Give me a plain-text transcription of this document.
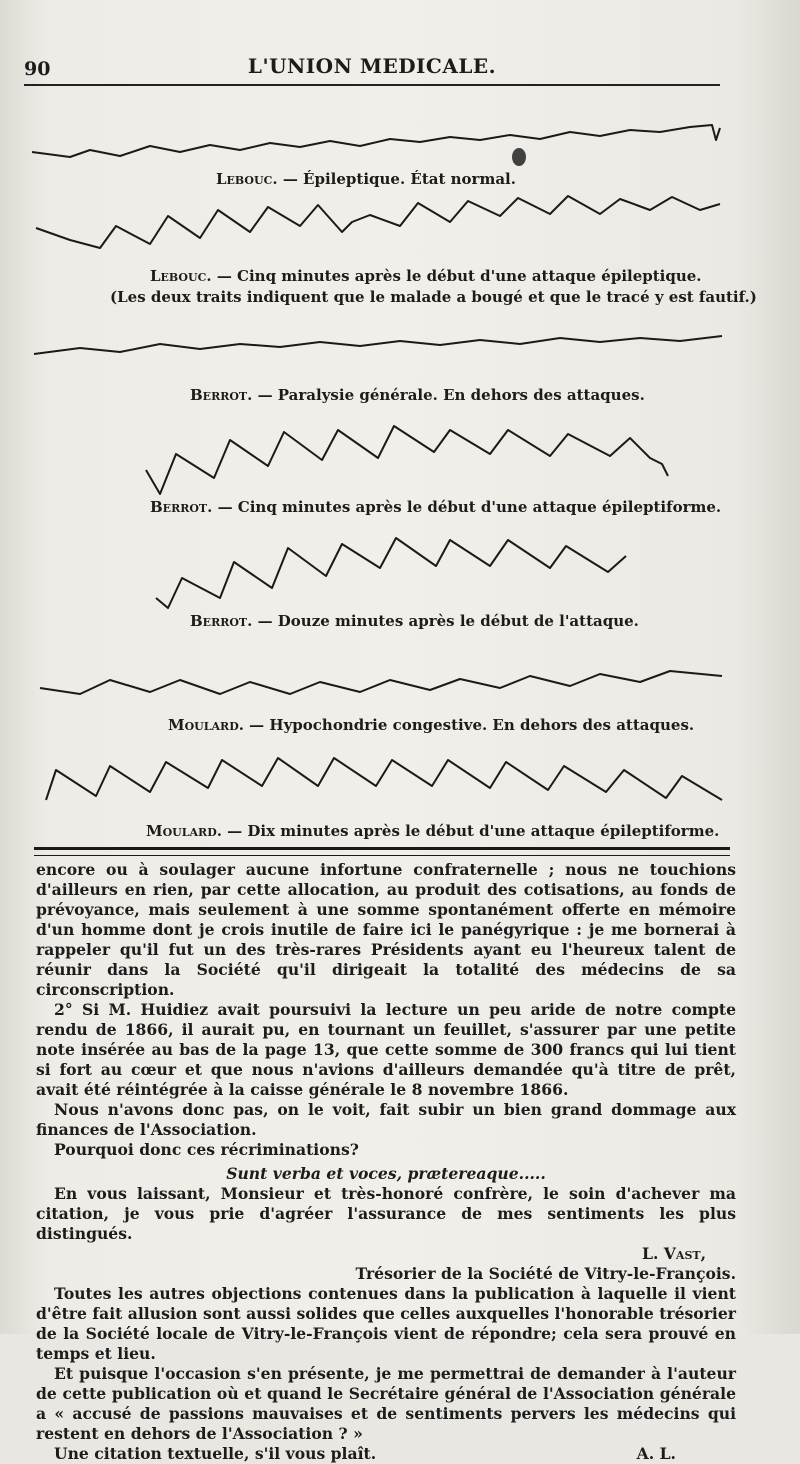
90	L'UNION MEDICALE.
Lebouc. — Épileptique. État normal.
Lebouc. — Cinq minutes après le début d'une attaque épileptique.
(Les deux traits indiquent que le malade a bougé et que le tracé y est fautif.)
Berrot. — Paralysie générale. En dehors des attaques.
Berrot. — Cinq minutes après le début d'une attaque épileptiforme.
Berrot. — Douze minutes après le début de l'attaque.
Moulard. — Hypochondrie congestive. En dehors des attaques.
Moulard. — Dix minutes après le début d'une attaque épileptiforme.

encore ou à soulager aucune infortune confraternelle ; nous ne touchions d'ailleurs en rien, par cette allocation, au produit des cotisations, au fonds de prévoyance, mais seulement à une somme spontanément offerte en mémoire d'un homme dont je crois inutile de faire ici le panégyrique : je me bornerai à rappeler qu'il fut un des très-rares Présidents ayant eu l'heureux talent de réunir dans la Société qu'il dirigeait la totalité des médecins de sa circonscription.

2° Si M. Huidiez avait poursuivi la lecture un peu aride de notre compte rendu de 1866, il aurait pu, en tournant un feuillet, s'assurer par une petite note insérée au bas de la page 13, que cette somme de 300 francs qui lui tient si fort au cœur et que nous n'avions d'ailleurs demandée qu'à titre de prêt, avait été réintégrée à la caisse générale le 8 novembre 1866.

Nous n'avons donc pas, on le voit, fait subir un bien grand dommage aux finances de l'Association.

Pourquoi donc ces récriminations?

Sunt verba et voces, prætereaque.....

En vous laissant, Monsieur et très-honoré confrère, le soin d'achever ma citation, je vous prie d'agréer l'assurance de mes sentiments les plus distingués.

L. Vast,

Trésorier de la Société de Vitry-le-François.

Toutes les autres objections contenues dans la publication à laquelle il vient d'être fait allusion sont aussi solides que celles auxquelles l'honorable trésorier de la Société locale de Vitry-le-François vient de répondre; cela sera prouvé en temps et lieu.

Et puisque l'occasion s'en présente, je me permettrai de demander à l'auteur de cette publication où et quand le Secrétaire général de l'Association générale a « accusé de passions mauvaises et de sentiments pervers les médecins qui restent en dehors de l'Association ? »

Une citation textuelle, s'il vous plaît.	A. L.
